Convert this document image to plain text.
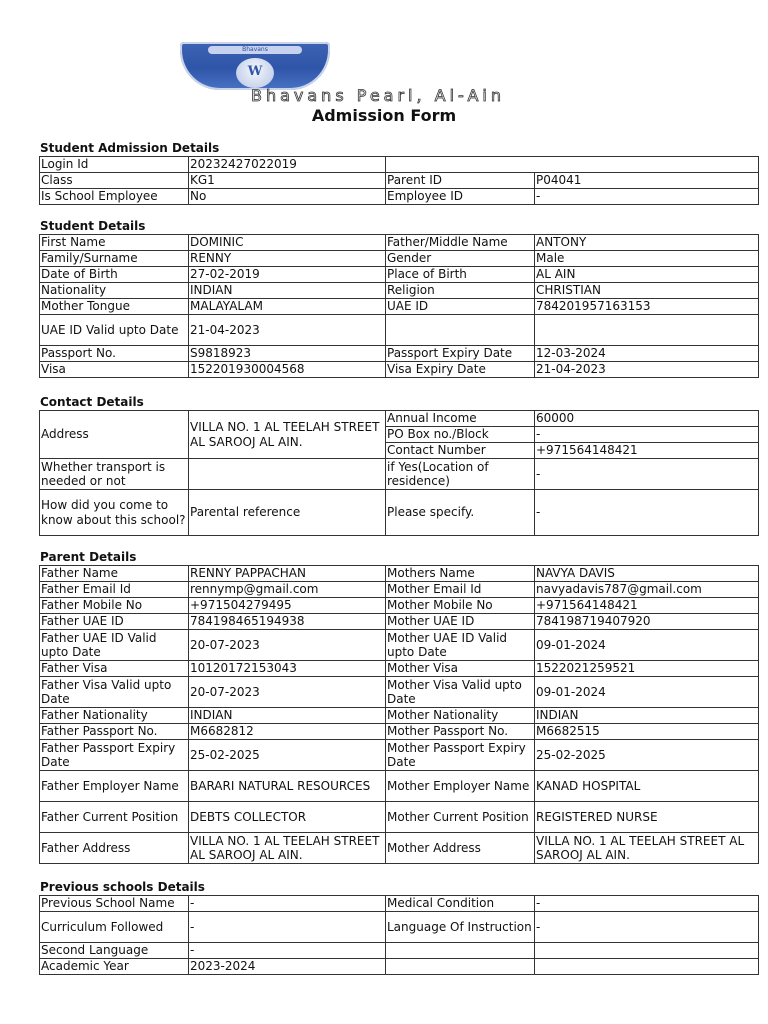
Bhavans
W
Bhavans Pearl, Al-Ain
Admission Form
Student Admission Details
Login Id	20232427022019		
Class	KG1	Parent ID	P04041
Is School Employee	No	Employee ID	-
Student Details
First Name	DOMINIC	Father/Middle Name	ANTONY
Family/Surname	RENNY	Gender	Male
Date of Birth	27-02-2019	Place of Birth	AL AIN
Nationality	INDIAN	Religion	CHRISTIAN
Mother Tongue	MALAYALAM	UAE ID	784201957163153
UAE ID Valid upto Date	21-04-2023		
Passport No.	S9818923	Passport Expiry Date	12-03-2024
Visa	152201930004568	Visa Expiry Date	21-04-2023
Contact Details
Address	VILLA NO. 1 AL TEELAH STREET AL SAROOJ AL AIN.	Annual Income	60000
		PO Box no./Block	-
		Contact Number	+971564148421
Whether transport is needed or not		if Yes(Location of residence)	-
How did you come to know about this school?	Parental reference	Please specify.	-
Parent Details
Father Name	RENNY PAPPACHAN	Mothers Name	NAVYA DAVIS
Father Email Id	rennymp@gmail.com	Mother Email Id	navyadavis787@gmail.com
Father Mobile No	+971504279495	Mother Mobile No	+971564148421
Father UAE ID	784198465194938	Mother UAE ID	784198719407920
Father UAE ID Valid upto Date	20-07-2023	Mother UAE ID Valid upto Date	09-01-2024
Father Visa	10120172153043	Mother Visa	1522021259521
Father Visa Valid upto Date	20-07-2023	Mother Visa Valid upto Date	09-01-2024
Father Nationality	INDIAN	Mother Nationality	INDIAN
Father Passport No.	M6682812	Mother Passport No.	M6682515
Father Passport Expiry Date	25-02-2025	Mother Passport Expiry Date	25-02-2025
Father Employer Name	BARARI NATURAL RESOURCES	Mother Employer Name	KANAD HOSPITAL
Father Current Position	DEBTS COLLECTOR	Mother Current Position	REGISTERED NURSE
Father Address	VILLA NO. 1 AL TEELAH STREET AL SAROOJ AL AIN.	Mother Address	VILLA NO. 1 AL TEELAH STREET AL SAROOJ AL AIN.
Previous schools Details
Previous School Name	-	Medical Condition	-
Curriculum Followed	-	Language Of Instruction	-
Second Language	-		
Academic Year	2023-2024		
